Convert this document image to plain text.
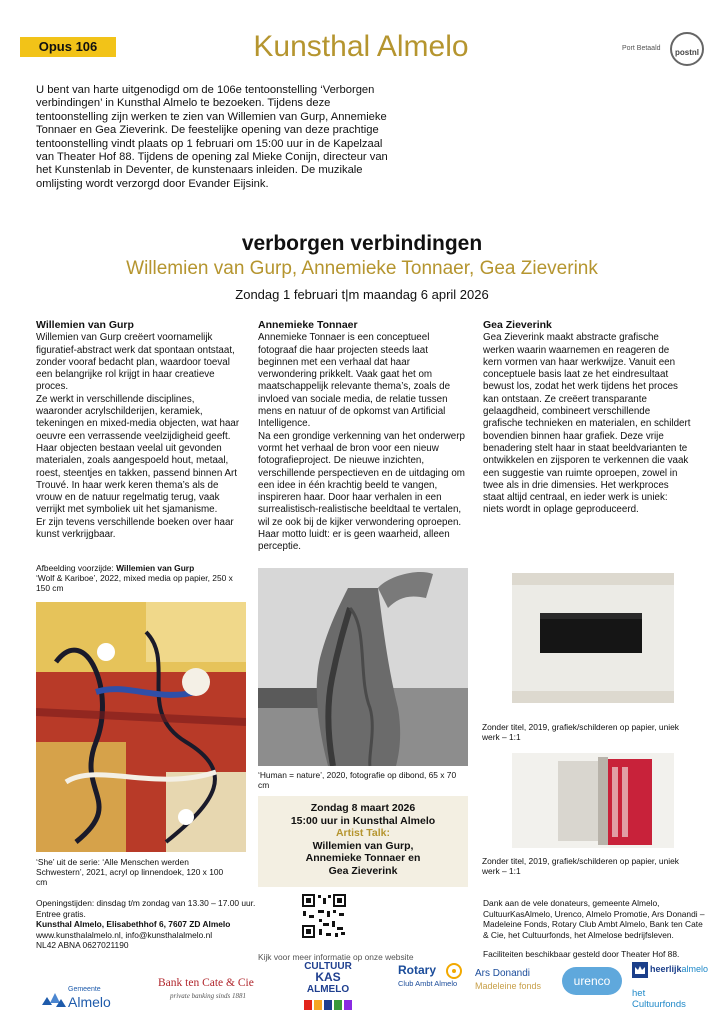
Opus 106	Kunsthal Almelo	Port Betaald	postnl
U bent van harte uitgenodigd om de 106e tentoonstelling ‘Verborgen verbindingen’ in Kunsthal Almelo te bezoeken. Tijdens deze tentoonstelling zijn werken te zien van Willemien van Gurp, Annemieke Tonnaer en Gea Zieverink. De feestelijke opening van deze prachtige tentoonstelling vindt plaats op 1 februari om 15:00 uur in de Kapelzaal van Theater Hof 88. Tijdens de opening zal Mieke Conijn, directeur van het Kunstenlab in Deventer, de kunstenaars inleiden. De muzikale omlijsting wordt verzorgd door Evander Eijsink.
verborgen verbindingen
Willemien van Gurp, Annemieke Tonnaer, Gea Zieverink
Zondag 1 februari t|m maandag 6 april 2026
Willemien van Gurp

Willemien van Gurp creëert voornamelijk figuratief-abstract werk dat spontaan ontstaat, zonder vooraf bedacht plan, waardoor toeval een belangrijke rol krijgt in haar creatieve proces.

Ze werkt in verschillende disciplines, waaronder acrylschilderijen, keramiek, tekeningen en mixed-media objecten, wat haar oeuvre een verrassende veelzijdigheid geeft.

Haar objecten bestaan veelal uit gevonden materialen, zoals aangespoeld hout, metaal, roest, steentjes en takken, passend binnen Art Trouvé. In haar werk keren thema’s als de vrouw en de natuur regelmatig terug, vaak verrijkt met symboliek uit het sjamanisme.

Er zijn tevens verschillende boeken over haar kunst verkrijgbaar.

Annemieke Tonnaer

Annemieke Tonnaer is een conceptueel fotograaf die haar projecten steeds laat beginnen met een verhaal dat haar verwondering prikkelt. Vaak gaat het om maatschappelijk relevante thema’s, zoals de invloed van sociale media, de relatie tussen mens en natuur of de opkomst van Artificial Intelligence.

Na een grondige verkenning van het onderwerp vormt het verhaal de bron voor een nieuw fotografieproject. De nieuwe inzichten, verschillende perspectieven en de uitdaging om een idee in één krachtig beeld te vangen, inspireren haar. Door haar verhalen in een surrealistisch-realistische beeldtaal te vertalen, wil ze ook bij de kijker verwondering oproepen. Haar motto luidt: er is geen waarheid, alleen perceptie.

Gea Zieverink

Gea Zieverink maakt abstracte grafische werken waarin waarnemen en reageren de kern vormen van haar werkwijze. Vanuit een conceptuele basis laat ze het eindresultaat bewust los, zodat het werk tijdens het proces kan ontstaan. Ze creëert transparante gelaagdheid, combineert verschillende grafische technieken en materialen, en schildert bovendien binnen haar grafiek. Deze vrije benadering stelt haar in staat beeldvarianten te ontwikkelen en zijsporen te verkennen die vaak een suggestie van ruimte oproepen, zowel in twee als in drie dimensies. Het werkproces staat altijd centraal, en ieder werk is uniek: niets wordt in oplage geproduceerd.

Afbeelding voorzijde: Willemien van Gurp
‘Wolf & Kariboe’, 2022, mixed media op papier, 250 x 150 cm
‘She’ uit de serie: ‘Alle Menschen werden Schwestern’, 2021, acryl op linnendoek, 120 x 100 cm
‘Human = nature’, 2020, fotografie op dibond, 65 x 70 cm
Zonder titel, 2019, grafiek/schilderen op papier, uniek werk – 1:1
Zonder titel, 2019, grafiek/schilderen op papier, uniek werk – 1:1
Zondag 8 maart 2026
15:00 uur in Kunsthal Almelo
Artist Talk:
Willemien van Gurp,
Annemieke Tonnaer en
Gea Zieverink
Openingstijden: dinsdag t/m zondag van 13.30 – 17.00 uur.
Entree gratis.
Kunsthal Almelo, Elisabethhof 6, 7607 ZD Almelo
www.kunsthalalmelo.nl, info@kunsthalalmelo.nl
NL42 ABNA 0627021190
Kijk voor meer informatie op onze website
Dank aan de vele donateurs, gemeente Almelo, CultuurKasAlmelo, Urenco, Almelo Promotie, Ars Donandi – Madeleine Fonds, Rotary Club Ambt Almelo, Bank ten Cate & Cie, het Cultuurfonds, het Almelose bedrijfsleven.
Faciliteiten beschikbaar gesteld door Theater Hof 88.
Gemeente
Almelo
Bank ten Cate & Cie
private banking sinds 1881
CULTUUR
KAS
ALMELO
Rotary
Club Ambt Almelo
Ars Donandi
Madeleine fonds	urenco
heerlijkalmelo
het
Cultuurfonds
